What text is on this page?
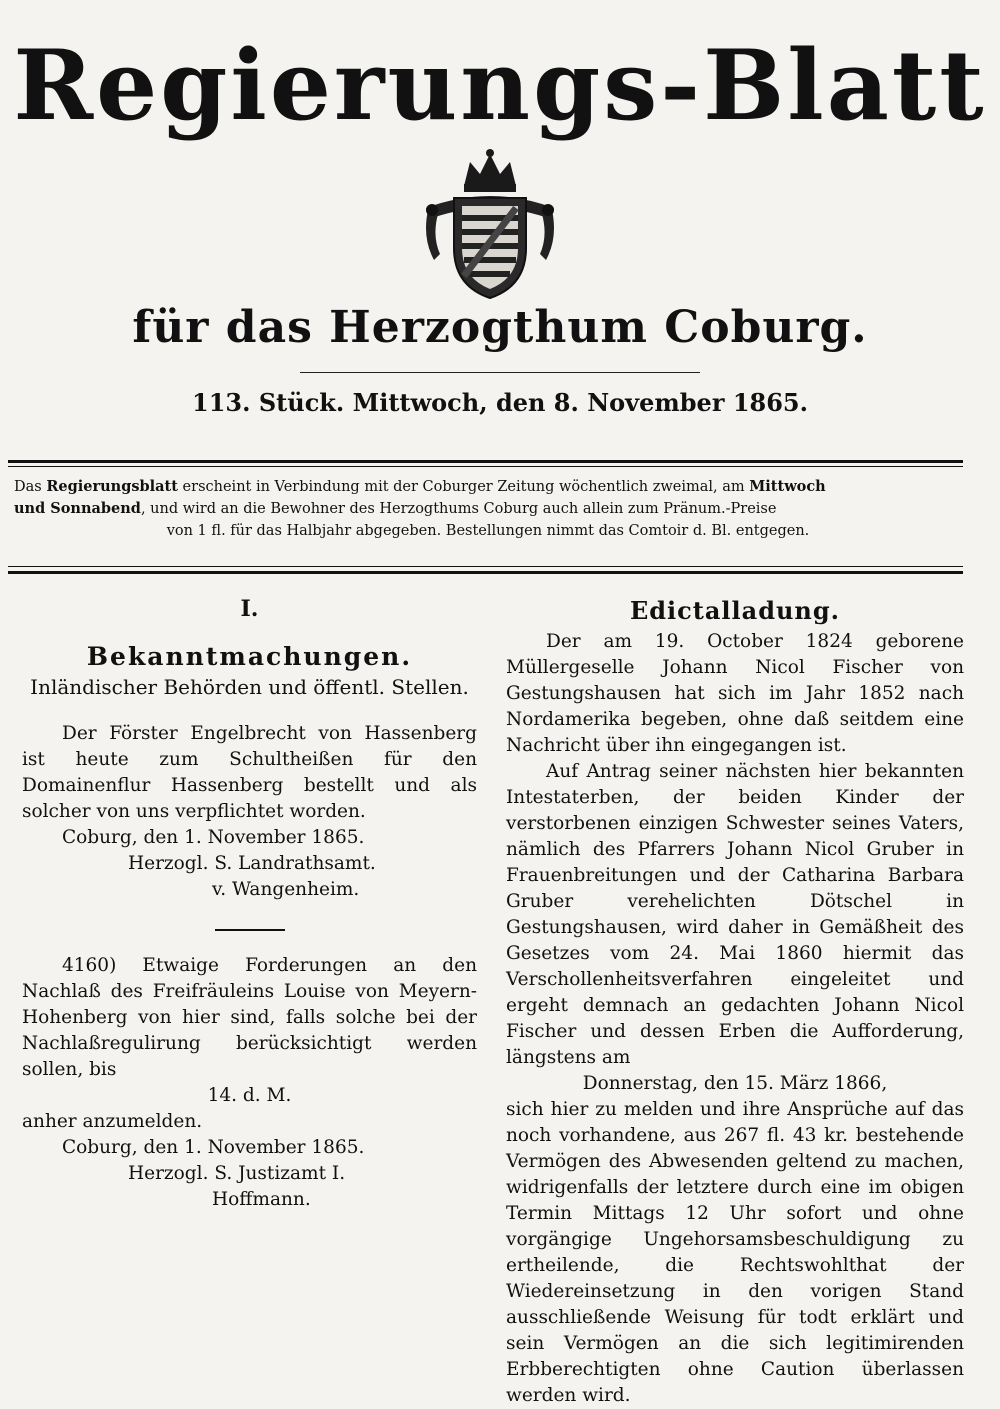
Regierungs-Blatt
für das Herzogthum Coburg.
113. Stück. Mittwoch, den 8. November 1865.
Das Regierungsblatt erscheint in Verbindung mit der Coburger Zeitung wöchentlich zweimal, am Mittwoch
und Sonnabend, und wird an die Bewohner des Herzogthums Coburg auch allein zum Pränum.-Preise
von 1 fl. für das Halbjahr abgegeben. Bestellungen nimmt das Comtoir d. Bl. entgegen.
I.
Bekanntmachungen.
Inländischer Behörden und öffentl. Stellen.

Der Förster Engelbrecht von Hassenberg ist heute zum Schultheißen für den Domainenflur Hassenberg bestellt und als solcher von uns verpflichtet worden.

Coburg, den 1. November 1865.

Herzogl. S. Landrathsamt.

v. Wangenheim.

4160) Etwaige Forderungen an den Nachlaß des Freifräuleins Louise von Meyern-Hohenberg von hier sind, falls solche bei der Nachlaßregulirung berücksichtigt werden sollen, bis

14. d. M.

anher anzumelden.

Coburg, den 1. November 1865.

Herzogl. S. Justizamt I.

Hoffmann.

Edictalladung.

Der am 19. October 1824 geborene Müllergeselle Johann Nicol Fischer von Gestungshausen hat sich im Jahr 1852 nach Nordamerika begeben, ohne daß seitdem eine Nachricht über ihn eingegangen ist.

Auf Antrag seiner nächsten hier bekannten Intestaterben, der beiden Kinder der verstorbenen einzigen Schwester seines Vaters, nämlich des Pfarrers Johann Nicol Gruber in Frauenbreitungen und der Catharina Barbara Gruber verehelichten Dötschel in Gestungshausen, wird daher in Gemäßheit des Gesetzes vom 24. Mai 1860 hiermit das Verschollenheitsverfahren eingeleitet und ergeht demnach an gedachten Johann Nicol Fischer und dessen Erben die Aufforderung, längstens am

Donnerstag, den 15. März 1866,

sich hier zu melden und ihre Ansprüche auf das noch vorhandene, aus 267 fl. 43 kr. bestehende Vermögen des Abwesenden geltend zu machen, widrigenfalls der letztere durch eine im obigen Termin Mittags 12 Uhr sofort und ohne vorgängige Ungehorsamsbeschuldigung zu ertheilende, die Rechtswohlthat der Wiedereinsetzung in den vorigen Stand ausschließende Weisung für todt erklärt und sein Vermögen an die sich legitimirenden Erbberechtigten ohne Caution überlassen werden wird.
